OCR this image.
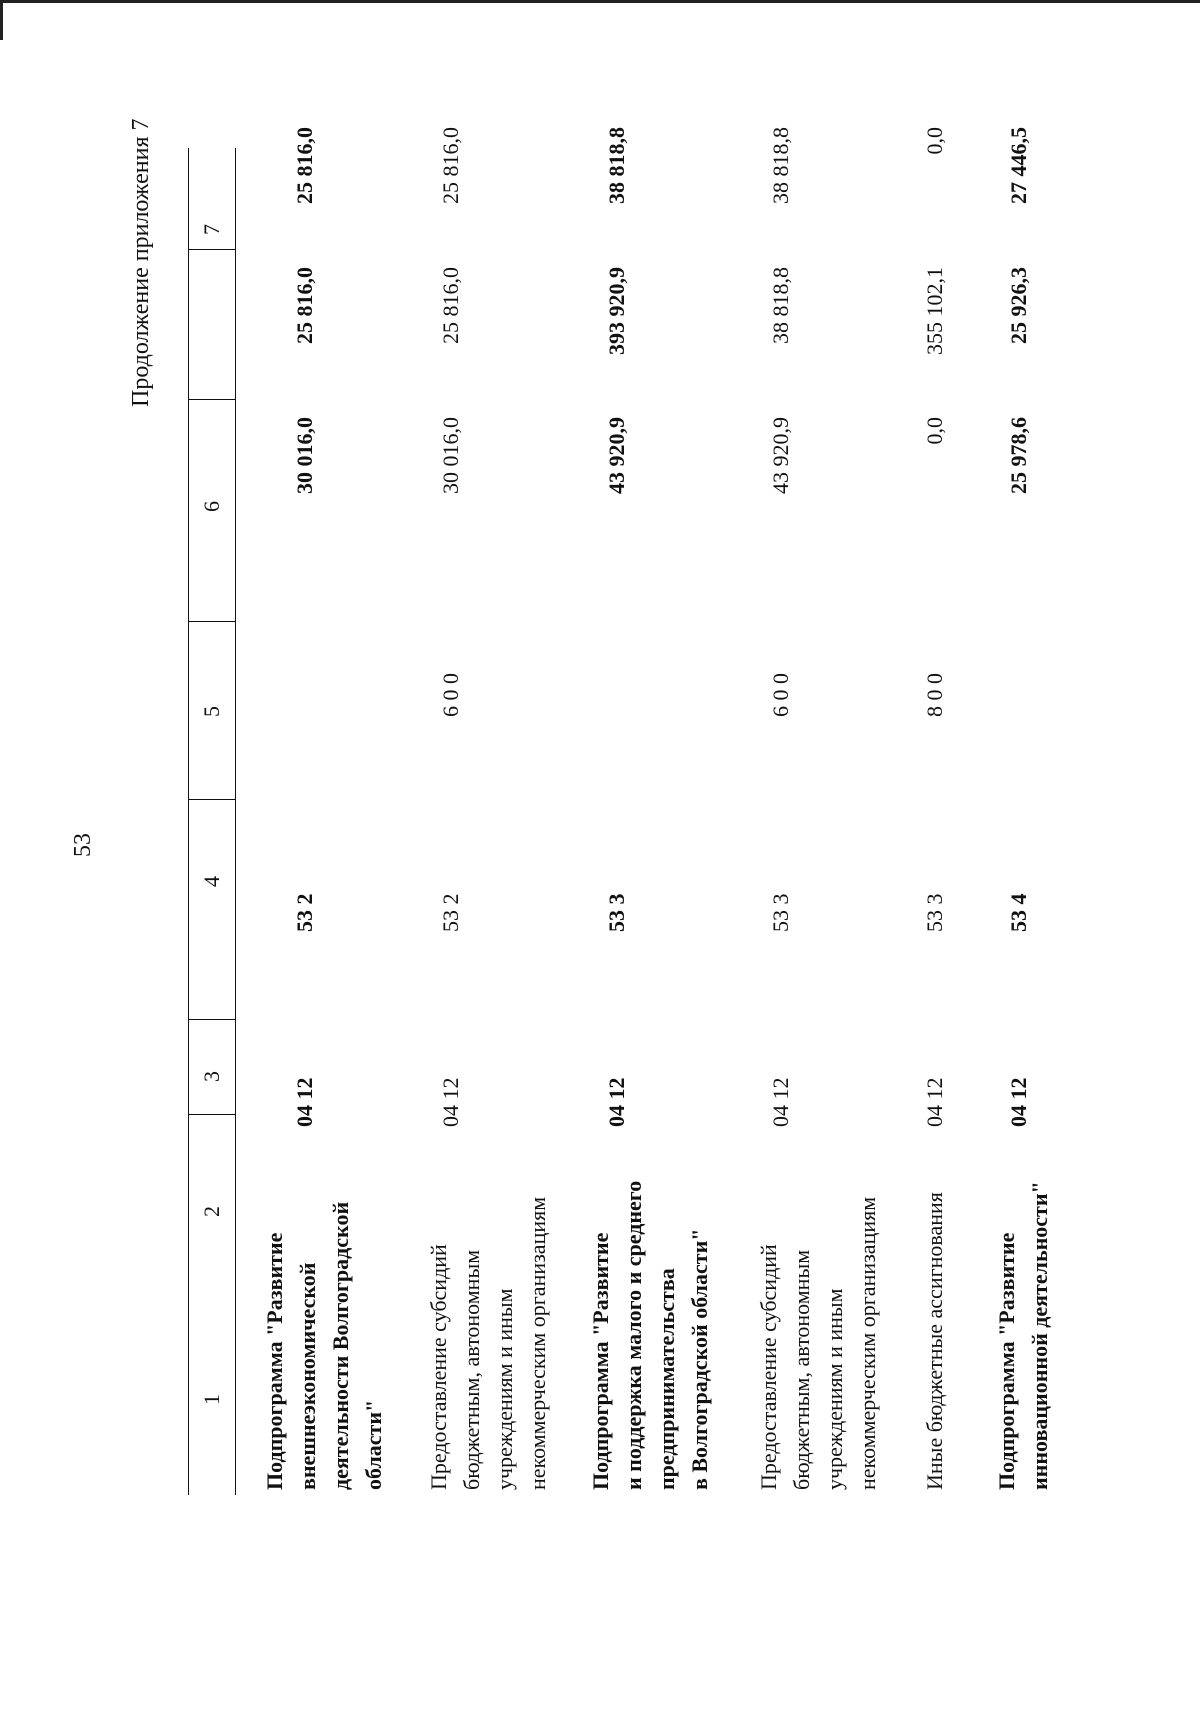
53
Продолжение приложения 7
1
2
3
4
5
6
7
Подпрограмма "Развитие внешнеэкономической деятельности Волгоградской области"
04 12
53 2
30 016,0
25 816,0
25 816,0
Предоставление субсидий бюджетным, автономным учреждениям и иным некоммерческим организациям
04 12
53 2
6 0 0
30 016,0
25 816,0
25 816,0
Подпрограмма "Развитие и поддержка малого и среднего предпринимательства в Волгоградской области"
04 12
53 3
43 920,9
393 920,9
38 818,8
Предоставление субсидий бюджетным, автономным учреждениям и иным некоммерческим организациям
04 12
53 3
6 0 0
43 920,9
38 818,8
38 818,8
Иные бюджетные ассигнования
04 12
53 3
8 0 0
0,0
355 102,1
0,0
Подпрограмма "Развитие инновационной деятельности"
04 12
53 4
25 978,6
25 926,3
27 446,5
